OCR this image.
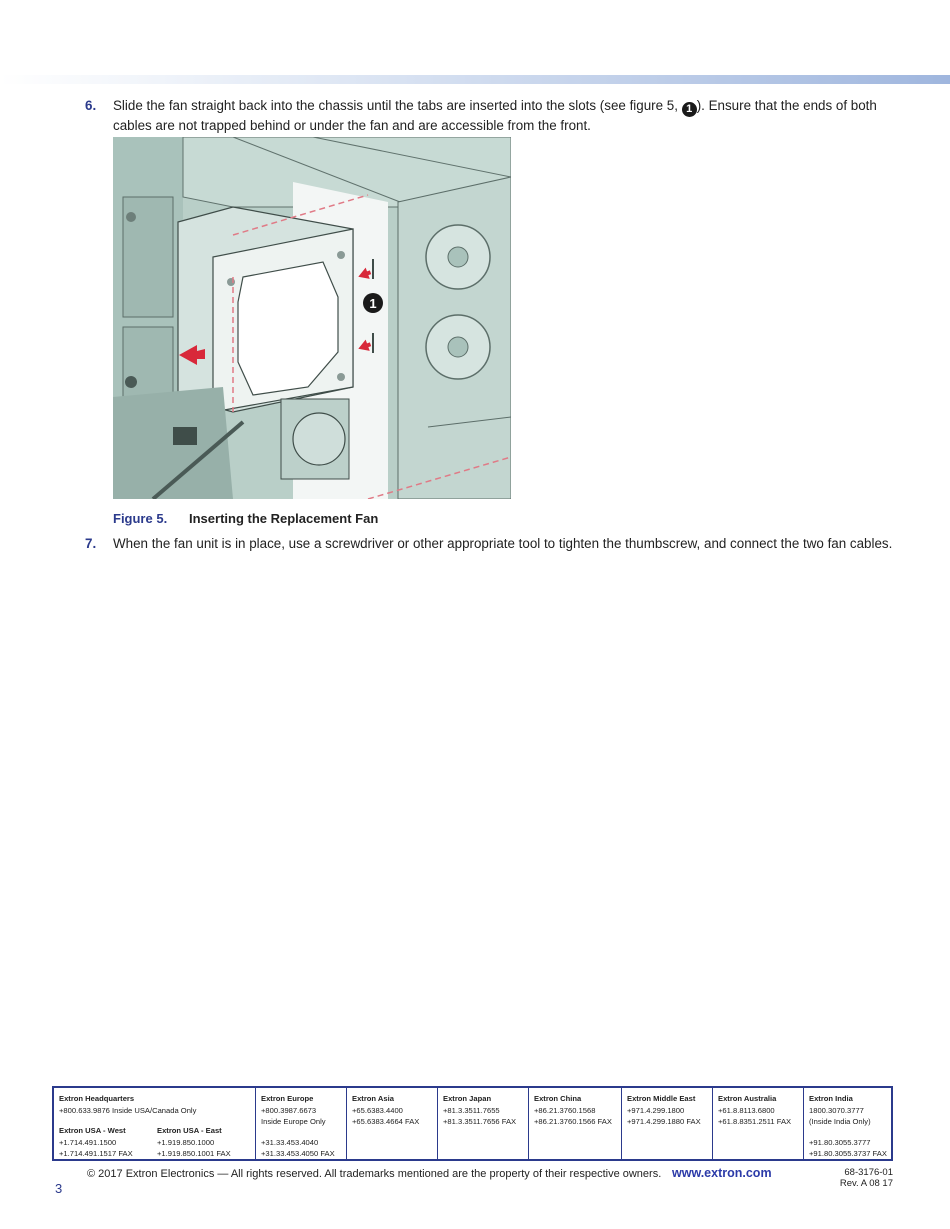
6.	Slide the fan straight back into the chassis until the tabs are inserted into the slots (see figure 5, 1 ). Ensure that the ends of both cables are not trapped behind or under the fan and are accessible from the front.
1
Figure 5. Inserting the Replacement Fan
7.	When the fan unit is in place, use a screwdriver or other appropriate tool to tighten the thumbscrew, and connect the two fan cables.
Extron Headquarters
+800.633.9876 Inside USA/Canada Only
Extron USA - West
+1.714.491.1500
+1.714.491.1517 FAX
Extron USA - East
+1.919.850.1000
+1.919.850.1001 FAX
Extron Europe
+800.3987.6673
Inside Europe Only
+31.33.453.4040
+31.33.453.4050 FAX
Extron Asia
+65.6383.4400
+65.6383.4664 FAX
Extron Japan
+81.3.3511.7655
+81.3.3511.7656 FAX
Extron China
+86.21.3760.1568
+86.21.3760.1566 FAX
Extron Middle East
+971.4.299.1800
+971.4.299.1880 FAX
Extron Australia
+61.8.8113.6800
+61.8.8351.2511 FAX
Extron India
1800.3070.3777
(Inside India Only)
+91.80.3055.3777
+91.80.3055.3737 FAX
© 2017 Extron Electronics — All rights reserved. All trademarks mentioned are the property of their respective owners. www.extron.com	68-3176-01
Rev. A 08 17
3
